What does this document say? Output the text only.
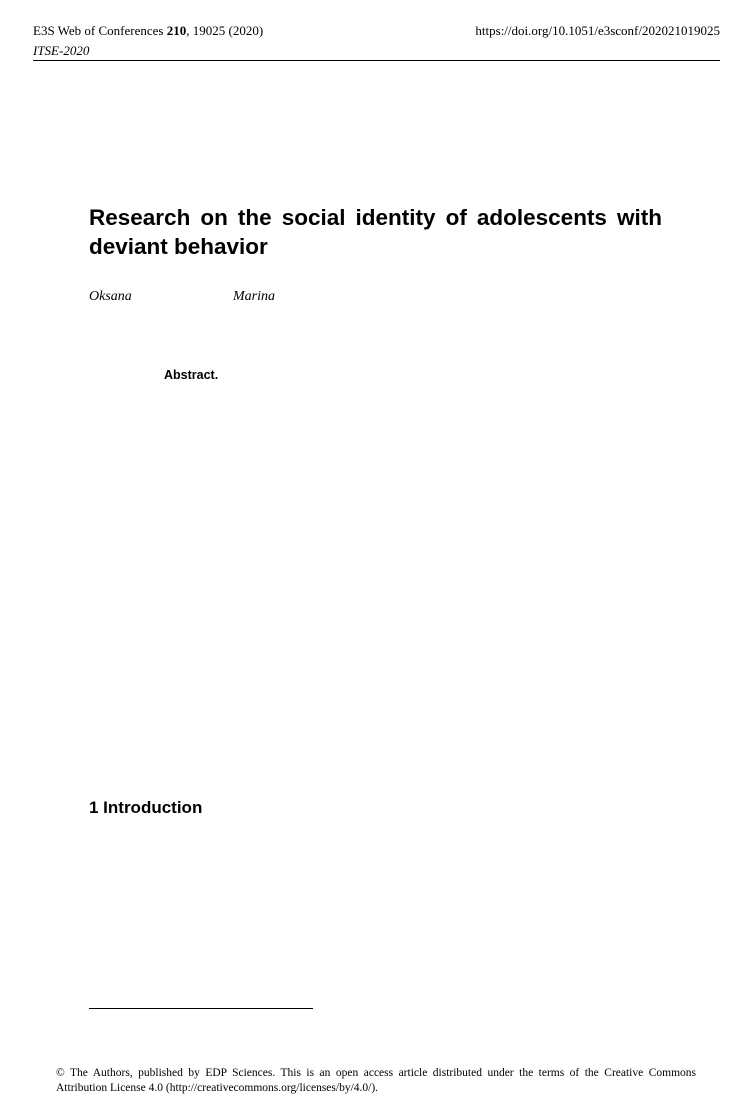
E3S Web of Conferences 210, 19025 (2020)
ITSE-2020
https://doi.org/10.1051/e3sconf/202021019025
Research on the social identity of adolescents with deviant behavior
Oksana	Marina
Abstract.
1 Introduction
© The Authors, published by EDP Sciences. This is an open access article distributed under the terms of the Creative Commons Attribution License 4.0 (http://creativecommons.org/licenses/by/4.0/).
